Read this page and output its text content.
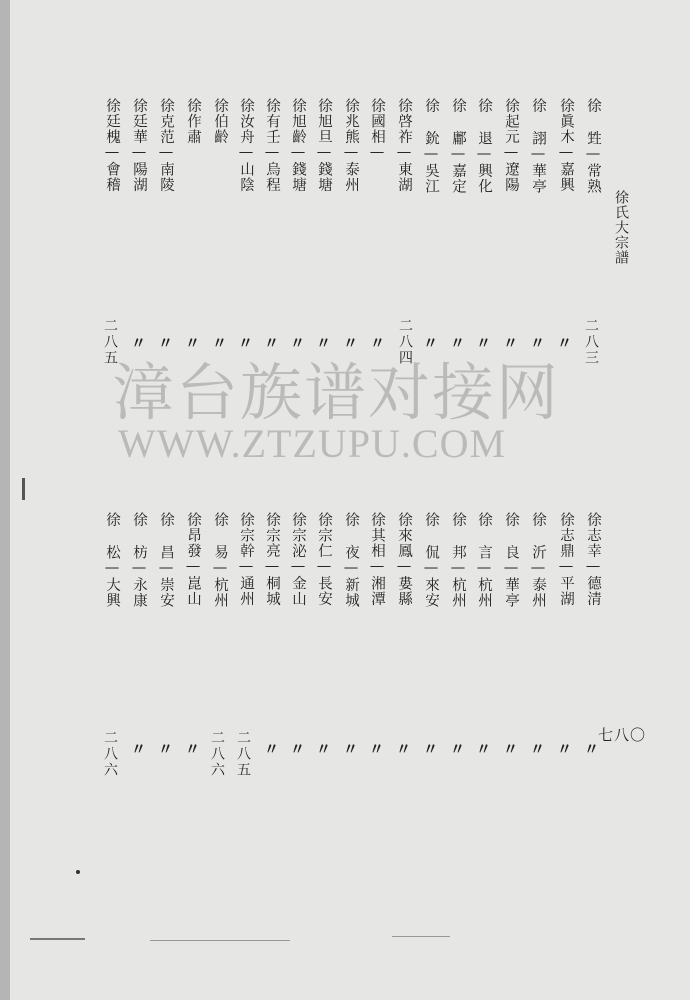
徐氏大宗譜
徐 甡—常熟
徐眞木—嘉興
徐 詡—華亭
徐起元—遼陽
徐 退—興化
徐 鄘—嘉定
徐 鈗—吳江
徐啓祚—東湖
徐國相—
徐兆熊—泰州
徐旭旦—錢塘
徐旭齡—錢塘
徐有壬—烏程
徐汝舟—山陰
徐伯齡
徐作肅
徐克范—南陵
徐廷華—陽湖
徐廷槐—會稽
二八三
〃
〃
〃
〃
〃
〃
二八四
〃
〃
〃
〃
〃
〃
〃
〃
〃
〃
二八五
漳台族谱对接网
WWW.ZTZUPU.COM
徐志幸—德清
徐志鼎—平湖
徐 沂—泰州
徐 良—華亭
徐 言—杭州
徐 邦—杭州
徐 侃—來安
徐來鳳—婁縣
徐其相—湘潭
徐 夜—新城
徐宗仁—長安
徐宗泌—金山
徐宗亮—桐城
徐宗幹—通州
徐 易—杭州
徐昂發—崑山
徐 昌—崇安
徐 枋—永康
徐 松—大興
〃
〃
〃
〃
〃
〃
〃
〃
〃
〃
〃
〃
〃
二八五
二八六
〃
〃
〃
二八六	七八〇
